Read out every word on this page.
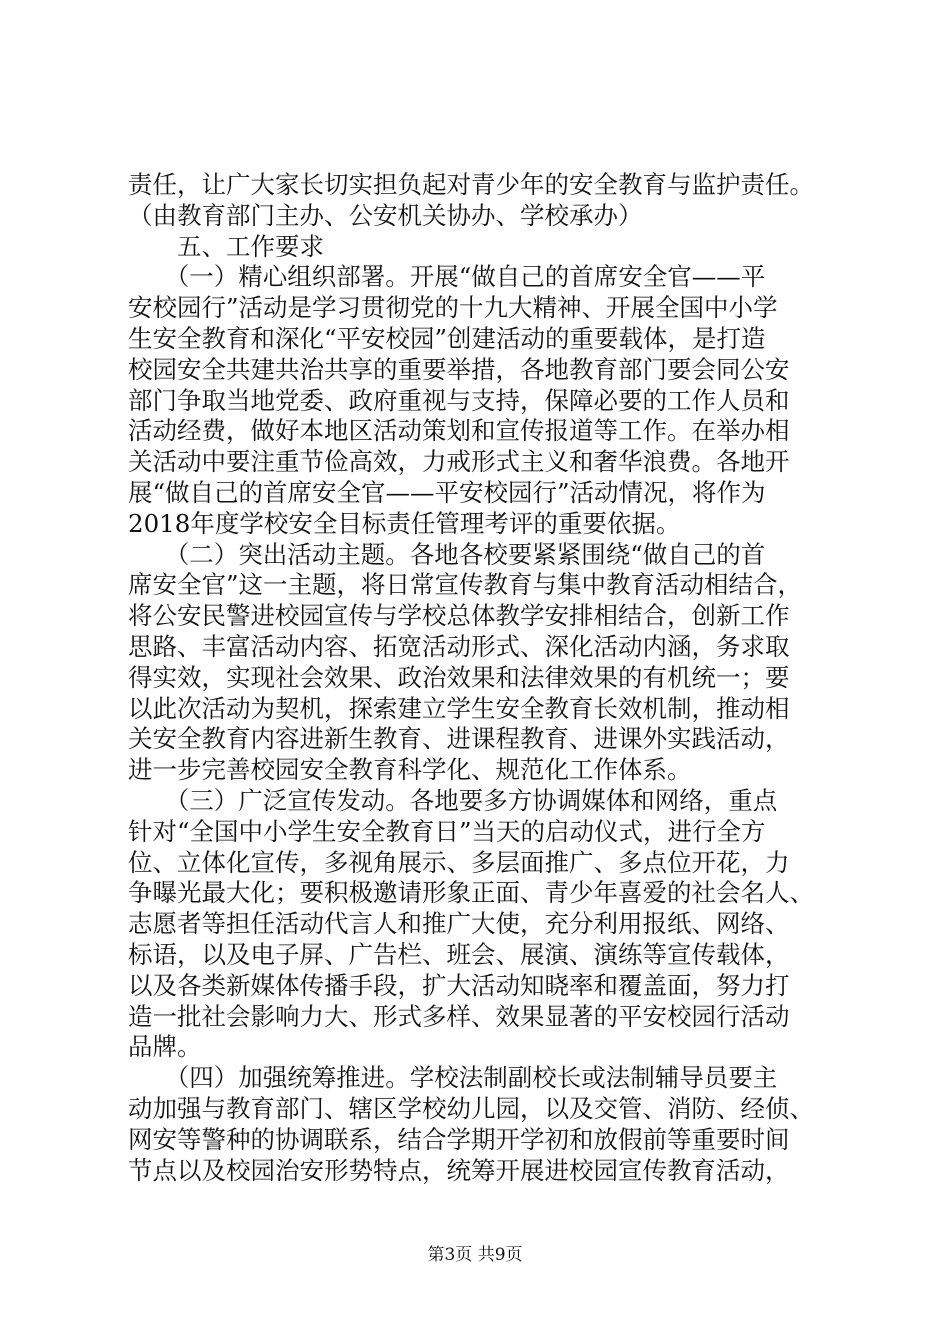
责任，让广大家长切实担负起对青少年的安全教育与监护责任。
（由教育部门主办、公安机关协办、学校承办）
　　五、工作要求
　　（一）精心组织部署。开展“做自己的首席安全官——平
安校园行”活动是学习贯彻党的十九大精神、开展全国中小学
生安全教育和深化“平安校园”创建活动的重要载体，是打造
校园安全共建共治共享的重要举措，各地教育部门要会同公安
部门争取当地党委、政府重视与支持，保障必要的工作人员和
活动经费，做好本地区活动策划和宣传报道等工作。在举办相
关活动中要注重节俭高效，力戒形式主义和奢华浪费。各地开
展“做自己的首席安全官——平安校园行”活动情况，将作为
2018年度学校安全目标责任管理考评的重要依据。
　　（二）突出活动主题。各地各校要紧紧围绕“做自己的首
席安全官”这一主题，将日常宣传教育与集中教育活动相结合，
将公安民警进校园宣传与学校总体教学安排相结合，创新工作
思路、丰富活动内容、拓宽活动形式、深化活动内涵，务求取
得实效，实现社会效果、政治效果和法律效果的有机统一；要
以此次活动为契机，探索建立学生安全教育长效机制，推动相
关安全教育内容进新生教育、进课程教育、进课外实践活动，
进一步完善校园安全教育科学化、规范化工作体系。
　　（三）广泛宣传发动。各地要多方协调媒体和网络，重点
针对“全国中小学生安全教育日”当天的启动仪式，进行全方
位、立体化宣传，多视角展示、多层面推广、多点位开花，力
争曝光最大化；要积极邀请形象正面、青少年喜爱的社会名人、
志愿者等担任活动代言人和推广大使，充分利用报纸、网络、
标语，以及电子屏、广告栏、班会、展演、演练等宣传载体，
以及各类新媒体传播手段，扩大活动知晓率和覆盖面，努力打
造一批社会影响力大、形式多样、效果显著的平安校园行活动
品牌。
　　（四）加强统筹推进。学校法制副校长或法制辅导员要主
动加强与教育部门、辖区学校幼儿园，以及交管、消防、经侦、
网安等警种的协调联系，结合学期开学初和放假前等重要时间
节点以及校园治安形势特点，统筹开展进校园宣传教育活动，
第3页 共9页
